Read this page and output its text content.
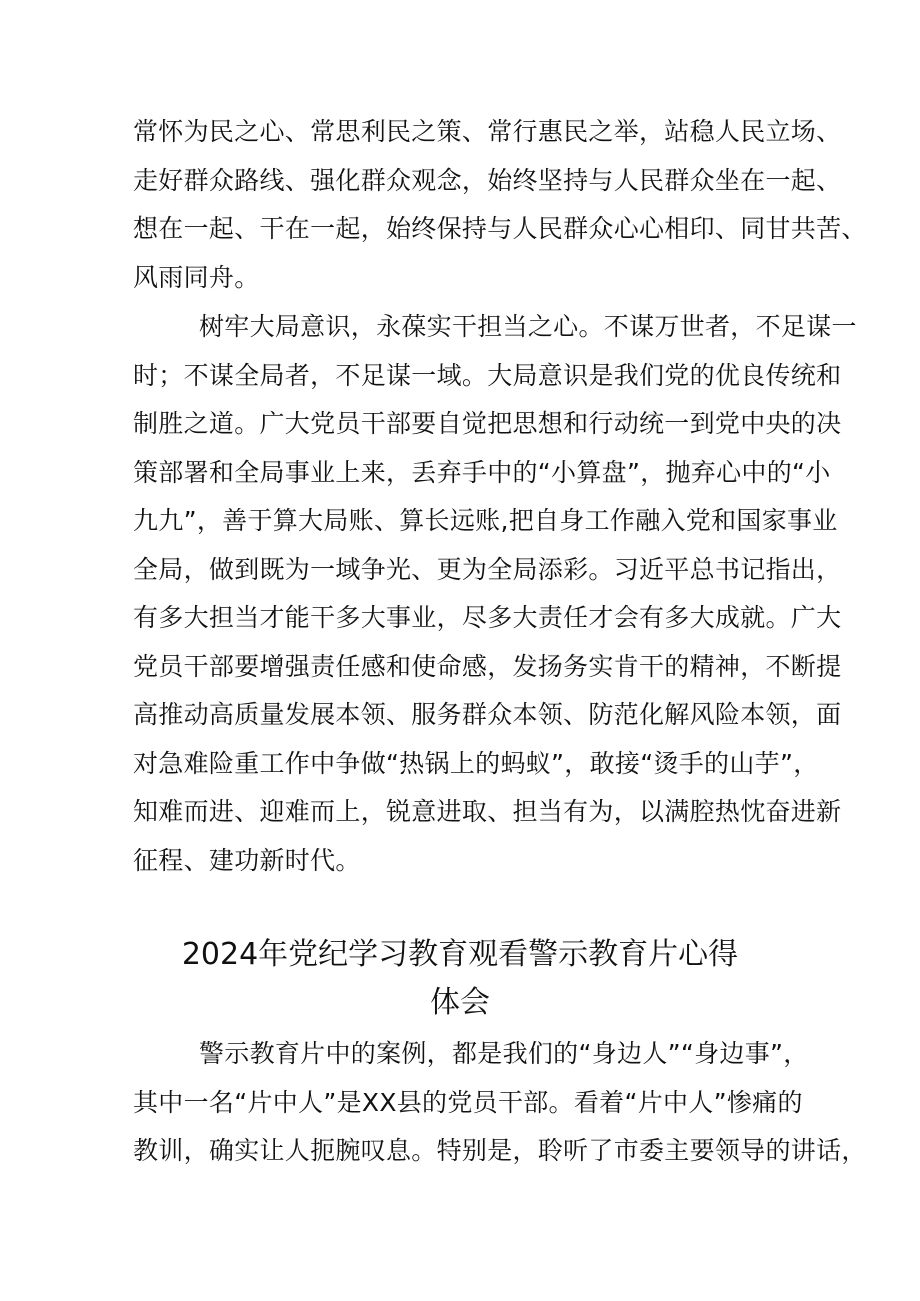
常怀为民之心、常思利民之策、常行惠民之举，站稳人民立场、
走好群众路线、强化群众观念，始终坚持与人民群众坐在一起、
想在一起、干在一起，始终保持与人民群众心心相印、同甘共苦、
风雨同舟。
树牢大局意识，永葆实干担当之心。不谋万世者，不足谋一
时；不谋全局者，不足谋一域。大局意识是我们党的优良传统和
制胜之道。广大党员干部要自觉把思想和行动统一到党中央的决
策部署和全局事业上来，丢弃手中的“小算盘”，抛弃心中的“小
九九”，善于算大局账、算长远账,把自身工作融入党和国家事业
全局，做到既为一域争光、更为全局添彩。习近平总书记指出，
有多大担当才能干多大事业，尽多大责任才会有多大成就。广大
党员干部要增强责任感和使命感，发扬务实肯干的精神，不断提
高推动高质量发展本领、服务群众本领、防范化解风险本领，面
对急难险重工作中争做“热锅上的蚂蚁”，敢接“烫手的山芋”，
知难而进、迎难而上，锐意进取、担当有为，以满腔热忱奋进新
征程、建功新时代。
2024年党纪学习教育观看警示教育片心得
体会
警示教育片中的案例，都是我们的“身边人”“身边事”，
其中一名“片中人”是XX县的党员干部。看着“片中人”惨痛的
教训，确实让人扼腕叹息。特别是，聆听了市委主要领导的讲话，
